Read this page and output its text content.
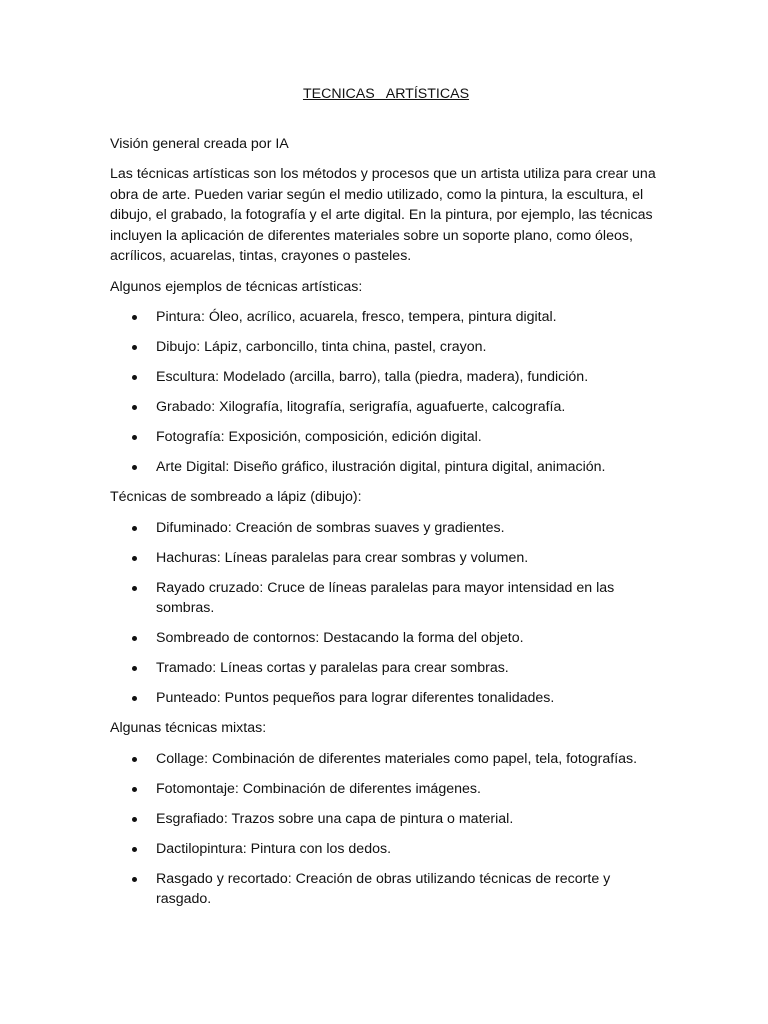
TECNICAS   ARTÍSTICAS
Visión general creada por IA
Las técnicas artísticas son los métodos y procesos que un artista utiliza para crear una obra de arte. Pueden variar según el medio utilizado, como la pintura, la escultura, el dibujo, el grabado, la fotografía y el arte digital. En la pintura, por ejemplo, las técnicas incluyen la aplicación de diferentes materiales sobre un soporte plano, como óleos, acrílicos, acuarelas, tintas, crayones o pasteles.
Algunos ejemplos de técnicas artísticas:
Pintura: Óleo, acrílico, acuarela, fresco, tempera, pintura digital.
Dibujo: Lápiz, carboncillo, tinta china, pastel, crayon.
Escultura: Modelado (arcilla, barro), talla (piedra, madera), fundición.
Grabado: Xilografía, litografía, serigrafía, aguafuerte, calcografía.
Fotografía: Exposición, composición, edición digital.
Arte Digital: Diseño gráfico, ilustración digital, pintura digital, animación.
Técnicas de sombreado a lápiz (dibujo):
Difuminado: Creación de sombras suaves y gradientes.
Hachuras: Líneas paralelas para crear sombras y volumen.
Rayado cruzado: Cruce de líneas paralelas para mayor intensidad en las sombras.
Sombreado de contornos: Destacando la forma del objeto.
Tramado: Líneas cortas y paralelas para crear sombras.
Punteado: Puntos pequeños para lograr diferentes tonalidades.
Algunas técnicas mixtas:
Collage: Combinación de diferentes materiales como papel, tela, fotografías.
Fotomontaje: Combinación de diferentes imágenes.
Esgrafiado: Trazos sobre una capa de pintura o material.
Dactilopintura: Pintura con los dedos.
Rasgado y recortado: Creación de obras utilizando técnicas de recorte y rasgado.
